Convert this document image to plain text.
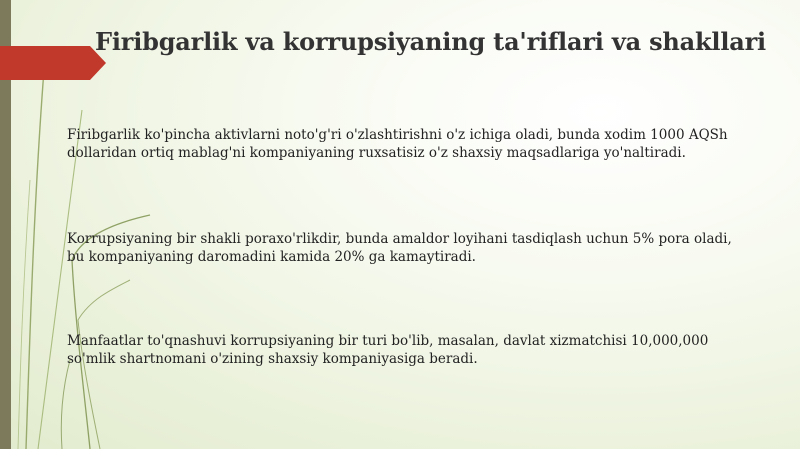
Firibgarlik va korrupsiyaning ta'riflari va shakllari

Firibgarlik ko'pincha aktivlarni noto'g'ri o'zlashtirishni o'z ichiga oladi, bunda xodim 1000 AQSh dollaridan ortiq mablag'ni kompaniyaning ruxsatisiz o'z shaxsiy maqsadlariga yo'naltiradi.

Korrupsiyaning bir shakli poraxo'rlikdir, bunda amaldor loyihani tasdiqlash uchun 5% pora oladi, bu kompaniyaning daromadini kamida 20% ga kamaytiradi.

Manfaatlar to'qnashuvi korrupsiyaning bir turi bo'lib, masalan, davlat xizmatchisi 10,000,000 so'mlik shartnomani o'zining shaxsiy kompaniyasiga beradi.
